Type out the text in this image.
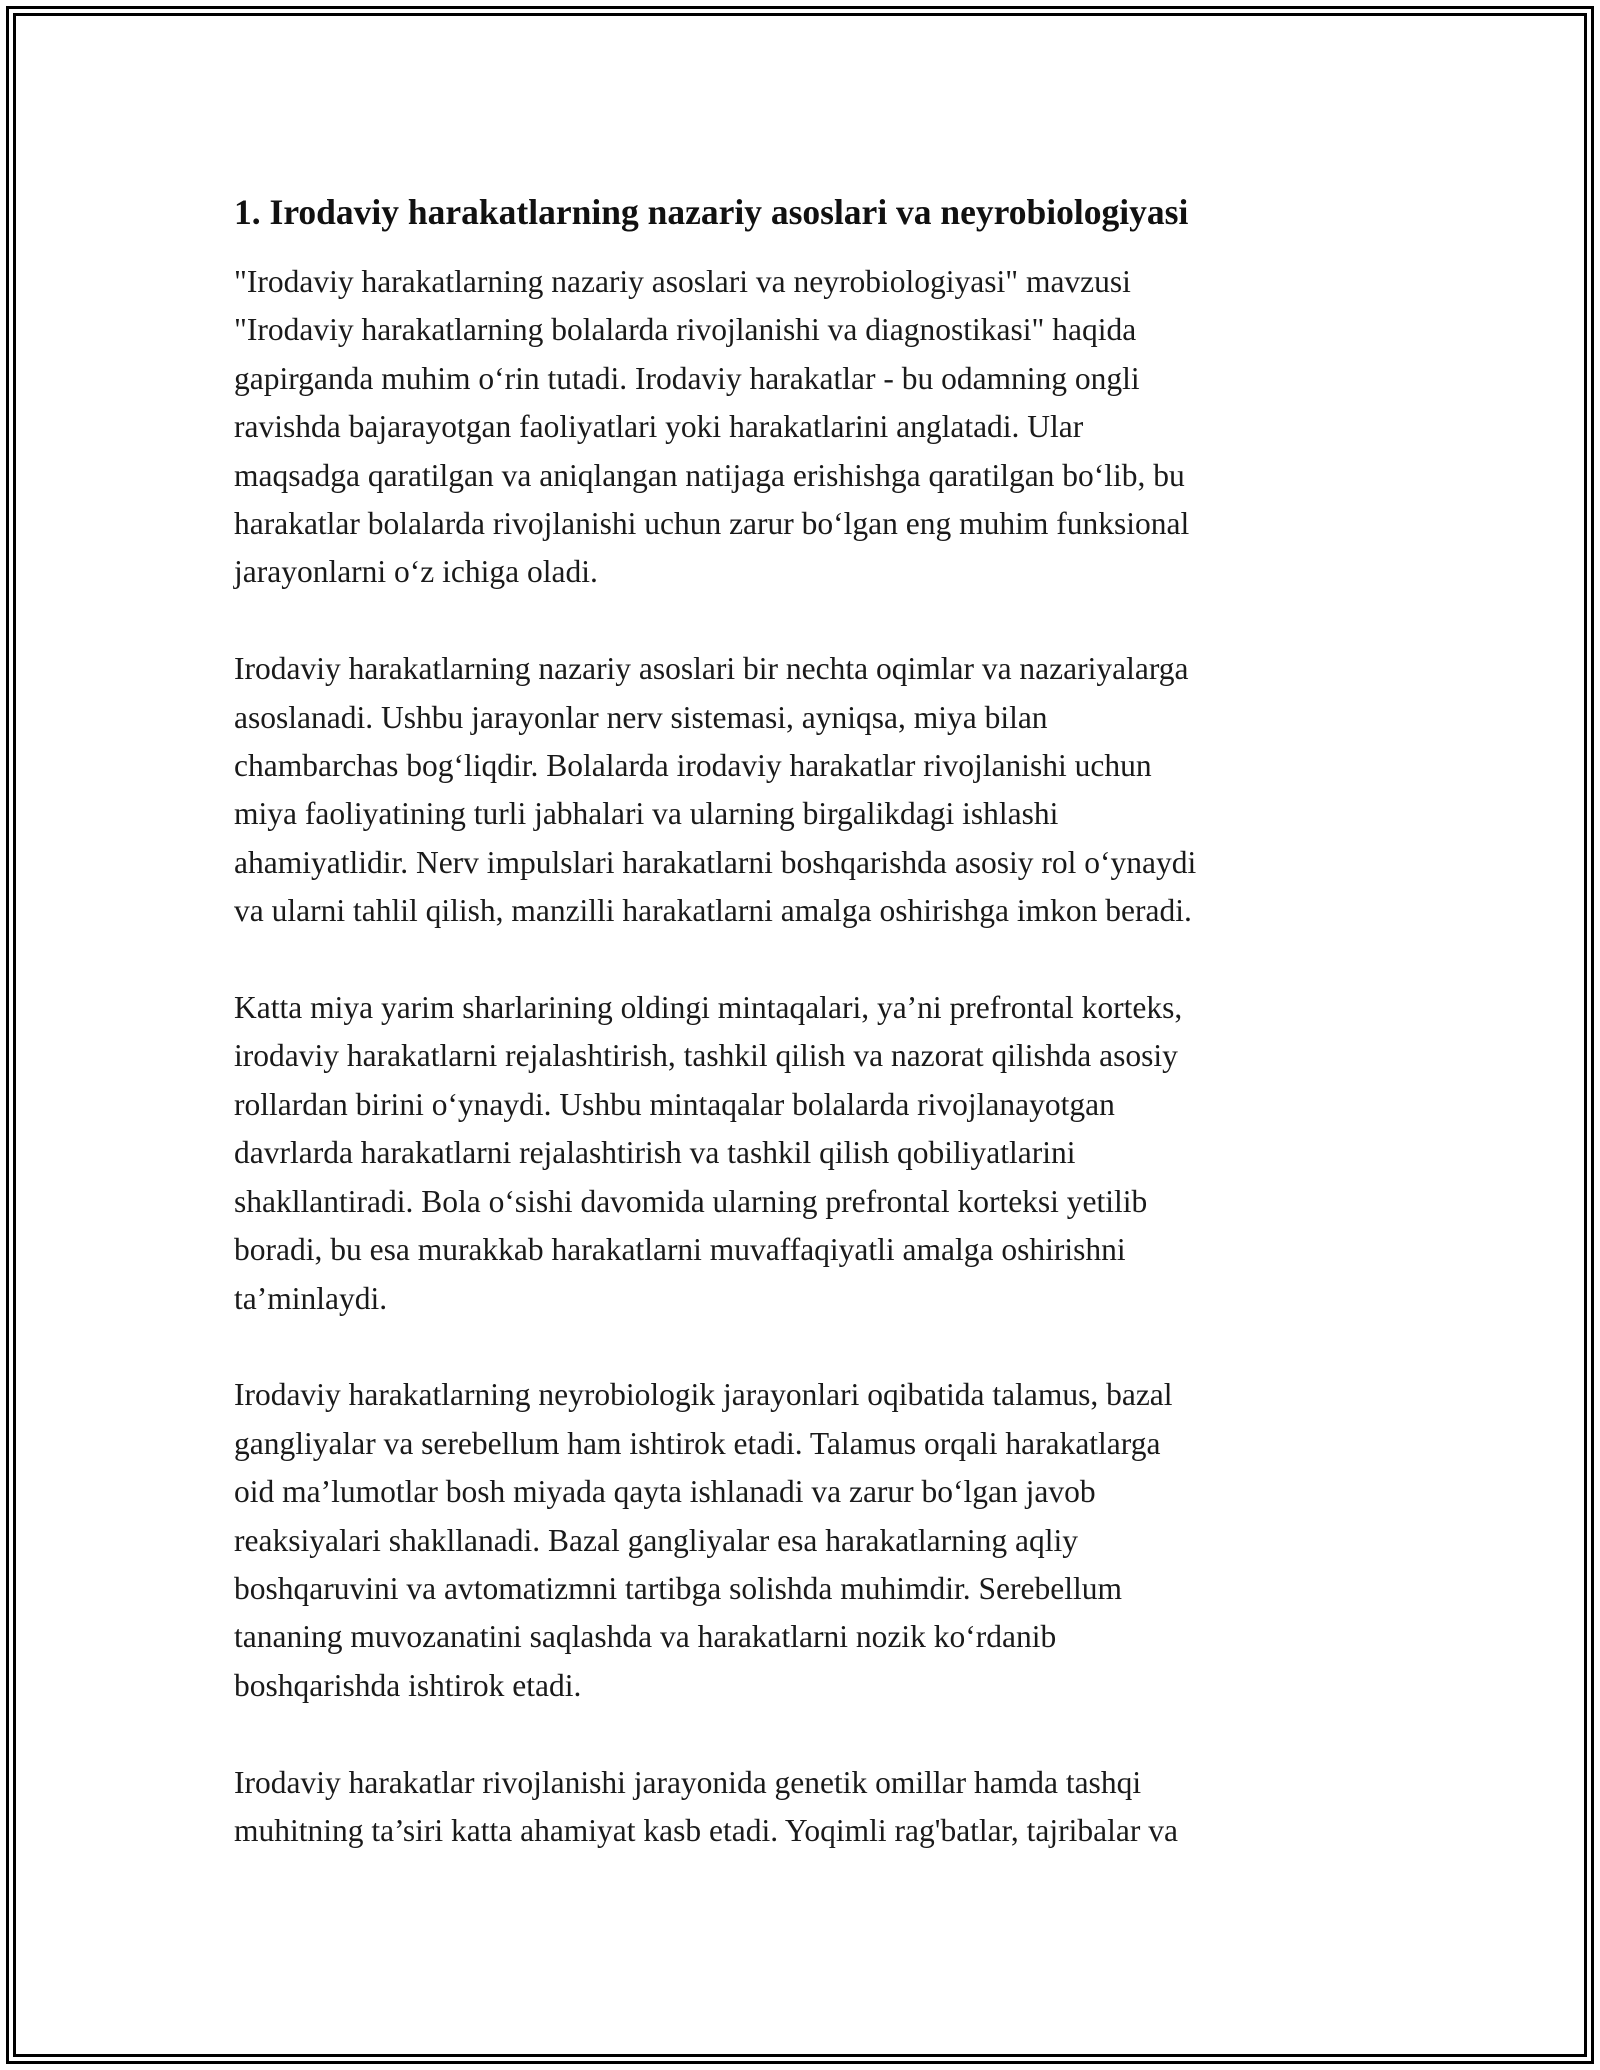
1. Irodaviy harakatlarning nazariy asoslari va neyrobiologiyasi
"Irodaviy harakatlarning nazariy asoslari va neyrobiologiyasi" mavzusi
"Irodaviy harakatlarning bolalarda rivojlanishi va diagnostikasi" haqida
gapirganda muhim o‘rin tutadi. Irodaviy harakatlar - bu odamning ongli
ravishda bajarayotgan faoliyatlari yoki harakatlarini anglatadi. Ular
maqsadga qaratilgan va aniqlangan natijaga erishishga qaratilgan bo‘lib, bu
harakatlar bolalarda rivojlanishi uchun zarur bo‘lgan eng muhim funksional
jarayonlarni o‘z ichiga oladi.
Irodaviy harakatlarning nazariy asoslari bir nechta oqimlar va nazariyalarga
asoslanadi. Ushbu jarayonlar nerv sistemasi, ayniqsa, miya bilan
chambarchas bog‘liqdir. Bolalarda irodaviy harakatlar rivojlanishi uchun
miya faoliyatining turli jabhalari va ularning birgalikdagi ishlashi
ahamiyatlidir. Nerv impulslari harakatlarni boshqarishda asosiy rol o‘ynaydi
va ularni tahlil qilish, manzilli harakatlarni amalga oshirishga imkon beradi.
Katta miya yarim sharlarining oldingi mintaqalari, ya’ni prefrontal korteks,
irodaviy harakatlarni rejalashtirish, tashkil qilish va nazorat qilishda asosiy
rollardan birini o‘ynaydi. Ushbu mintaqalar bolalarda rivojlanayotgan
davrlarda harakatlarni rejalashtirish va tashkil qilish qobiliyatlarini
shakllantiradi. Bola o‘sishi davomida ularning prefrontal korteksi yetilib
boradi, bu esa murakkab harakatlarni muvaffaqiyatli amalga oshirishni
ta’minlaydi.
Irodaviy harakatlarning neyrobiologik jarayonlari oqibatida talamus, bazal
gangliyalar va serebellum ham ishtirok etadi. Talamus orqali harakatlarga
oid ma’lumotlar bosh miyada qayta ishlanadi va zarur bo‘lgan javob
reaksiyalari shakllanadi. Bazal gangliyalar esa harakatlarning aqliy
boshqaruvini va avtomatizmni tartibga solishda muhimdir. Serebellum
tananing muvozanatini saqlashda va harakatlarni nozik ko‘rdanib
boshqarishda ishtirok etadi.
Irodaviy harakatlar rivojlanishi jarayonida genetik omillar hamda tashqi
muhitning ta’siri katta ahamiyat kasb etadi. Yoqimli rag'batlar, tajribalar va
